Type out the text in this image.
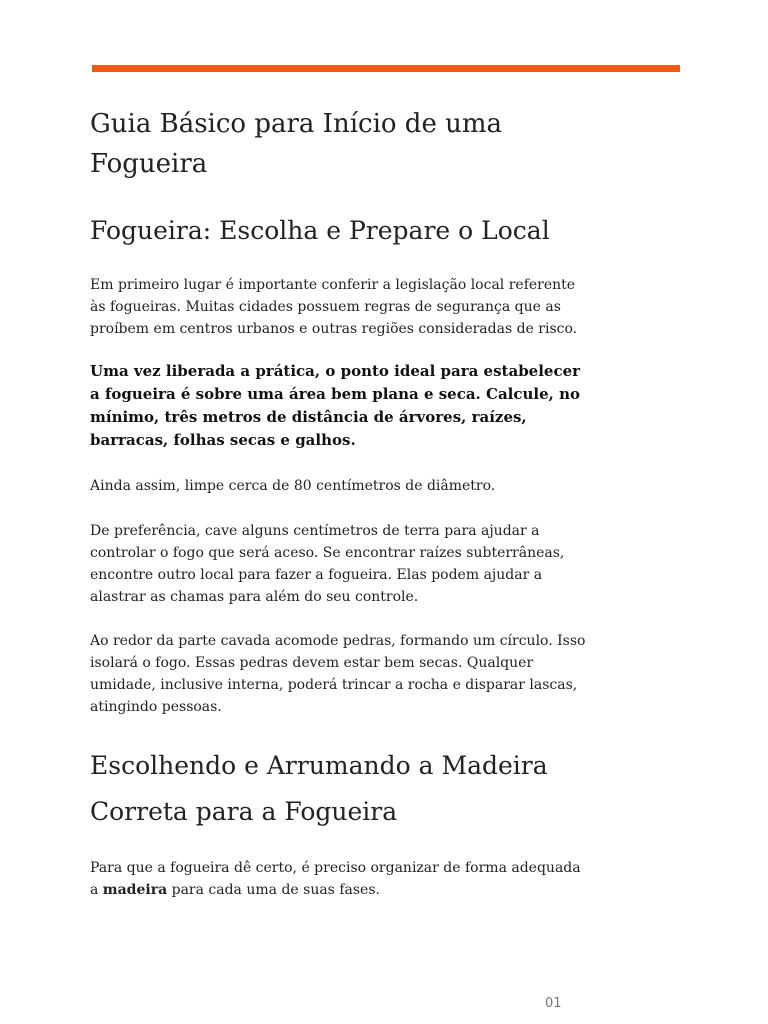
Guia Básico para Início de uma Fogueira
Fogueira: Escolha e Prepare o Local

Em primeiro lugar é importante conferir a legislação local referente às fogueiras. Muitas cidades possuem regras de segurança que as proíbem em centros urbanos e outras regiões consideradas de risco.

Uma vez liberada a prática, o ponto ideal para estabelecer a fogueira é sobre uma área bem plana e seca. Calcule, no mínimo, três metros de distância de árvores, raízes, barracas, folhas secas e galhos.

Ainda assim, limpe cerca de 80 centímetros de diâmetro.

De preferência, cave alguns centímetros de terra para ajudar a controlar o fogo que será aceso. Se encontrar raízes subterrâneas, encontre outro local para fazer a fogueira. Elas podem ajudar a alastrar as chamas para além do seu controle.

Ao redor da parte cavada acomode pedras, formando um círculo. Isso isolará o fogo. Essas pedras devem estar bem secas. Qualquer umidade, inclusive interna, poderá trincar a rocha e disparar lascas, atingindo pessoas.

Escolhendo e Arrumando a Madeira Correta para a Fogueira

Para que a fogueira dê certo, é preciso organizar de forma adequada a madeira para cada uma de suas fases.

01
